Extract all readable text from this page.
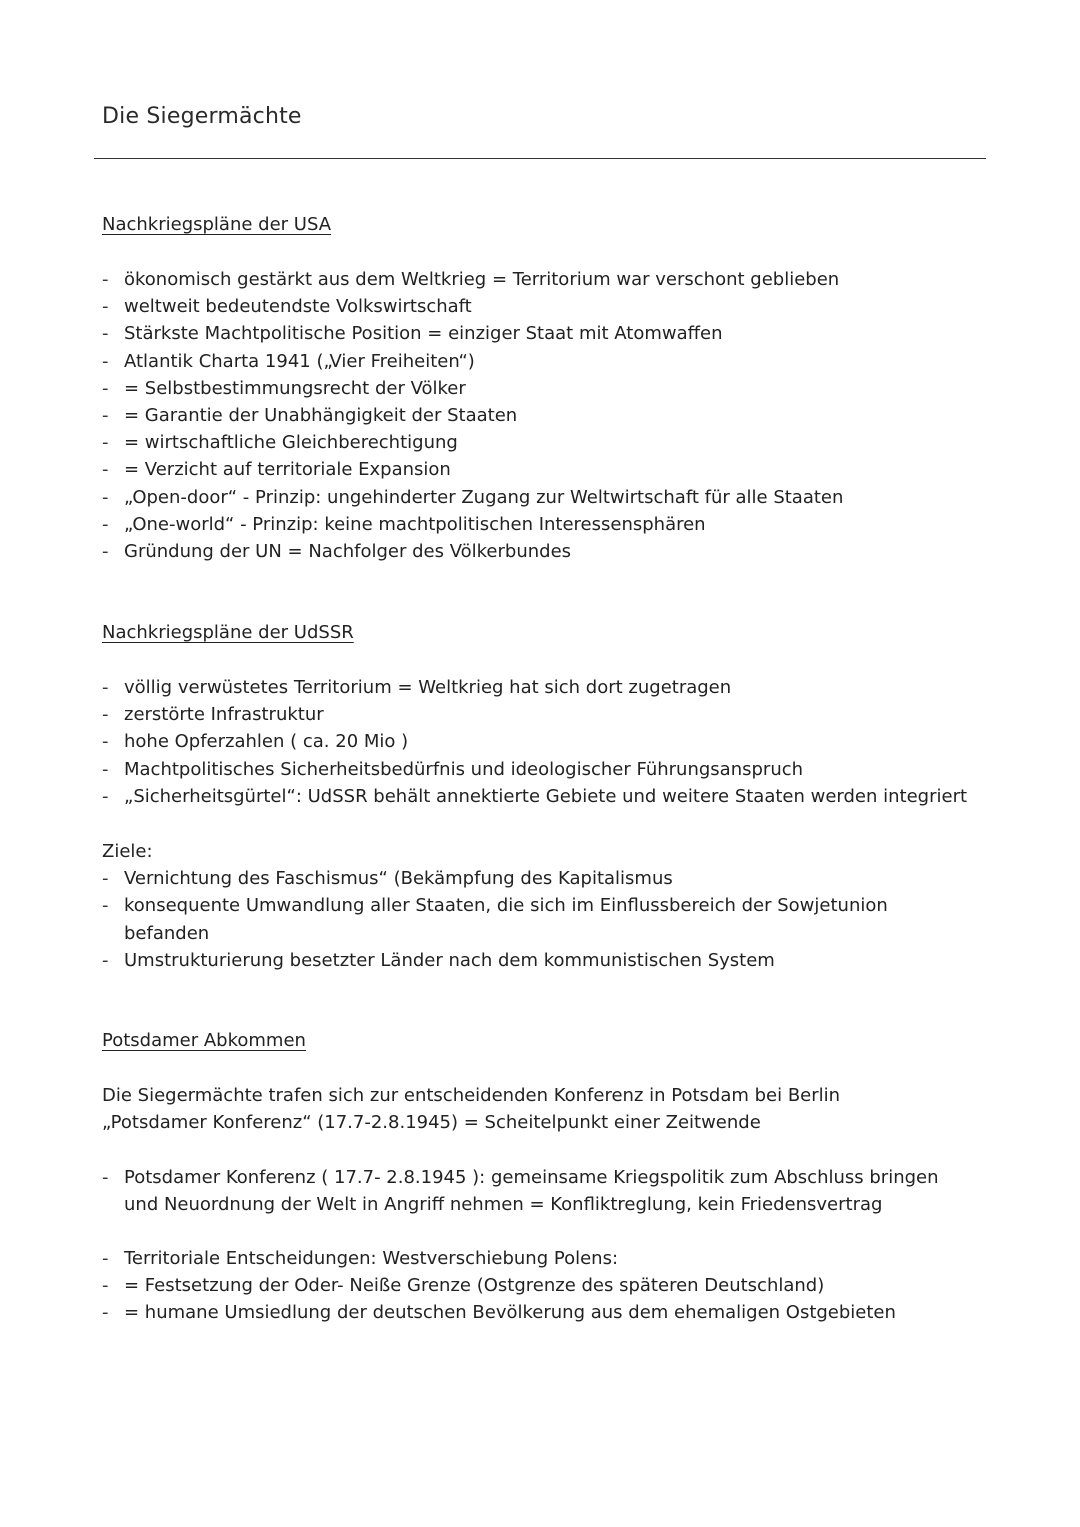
Die Siegermächte
Nachkriegspläne der USA
- ökonomisch gestärkt aus dem Weltkrieg = Territorium war verschont geblieben
- weltweit bedeutendste Volkswirtschaft
- Stärkste Machtpolitische Position = einziger Staat mit Atomwaffen
- Atlantik Charta 1941 („Vier Freiheiten“)
- = Selbstbestimmungsrecht der Völker
- = Garantie der Unabhängigkeit der Staaten
- = wirtschaftliche Gleichberechtigung
- = Verzicht auf territoriale Expansion
- „Open-door“ - Prinzip: ungehinderter Zugang zur Weltwirtschaft für alle Staaten
- „One-world“ - Prinzip: keine machtpolitischen Interessensphären
- Gründung der UN = Nachfolger des Völkerbundes
Nachkriegspläne der UdSSR
- völlig verwüstetes Territorium = Weltkrieg hat sich dort zugetragen
- zerstörte Infrastruktur
- hohe Opferzahlen ( ca. 20 Mio )
- Machtpolitisches Sicherheitsbedürfnis und ideologischer Führungsanspruch
- „Sicherheitsgürtel“: UdSSR behält annektierte Gebiete und weitere Staaten werden integriert
Ziele:
- Vernichtung des Faschismus“ (Bekämpfung des Kapitalismus
- konsequente Umwandlung aller Staaten, die sich im Einflussbereich der Sowjetunion befanden
- Umstrukturierung besetzter Länder nach dem kommunistischen System
Potsdamer Abkommen
Die Siegermächte trafen sich zur entscheidenden Konferenz in Potsdam bei Berlin
„Potsdamer Konferenz“ (17.7-2.8.1945) = Scheitelpunkt einer Zeitwende
- Potsdamer Konferenz ( 17.7- 2.8.1945 ): gemeinsame Kriegspolitik zum Abschluss bringen und Neuordnung der Welt in Angriff nehmen = Konfliktreglung, kein Friedensvertrag
- Territoriale Entscheidungen: Westverschiebung Polens:
- = Festsetzung der Oder- Neiße Grenze (Ostgrenze des späteren Deutschland)
- = humane Umsiedlung der deutschen Bevölkerung aus dem ehemaligen Ostgebieten
